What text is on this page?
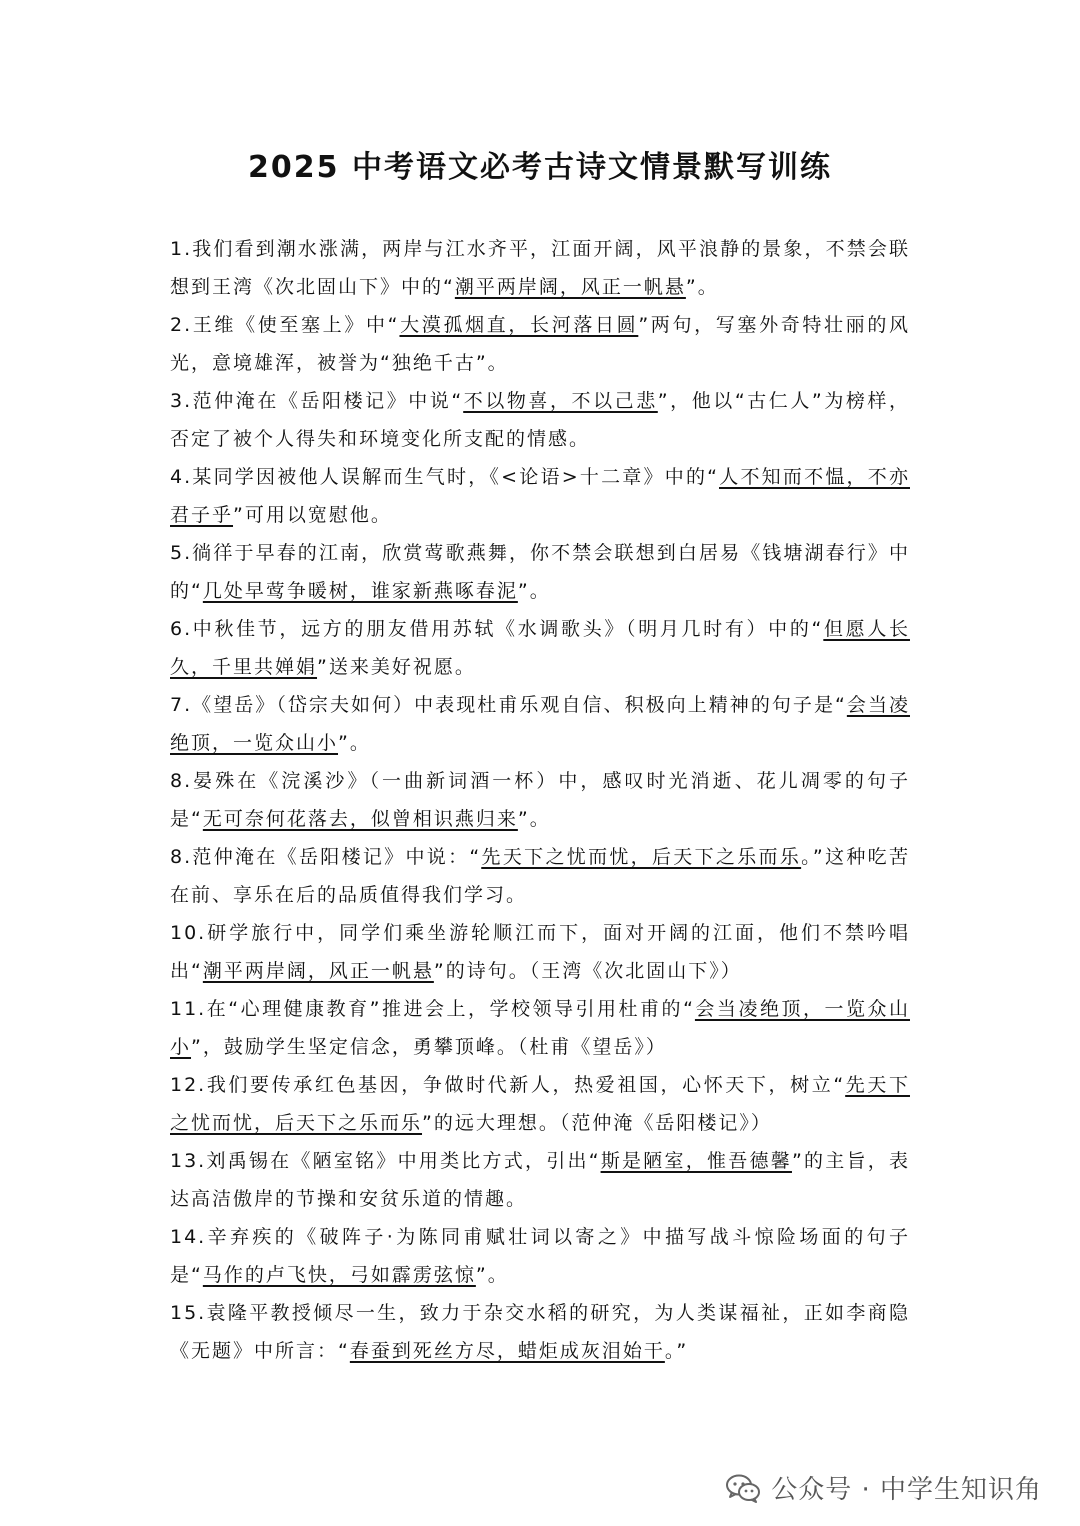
2025 中考语文必考古诗文情景默写训练

1.我们看到潮水涨满，两岸与江水齐平，江面开阔，风平浪静的景象，不禁会联想到王湾《次北固山下》中的“潮平两岸阔，风正一帆悬”。

2.王维《使至塞上》中“大漠孤烟直，长河落日圆”两句，写塞外奇特壮丽的风光，意境雄浑，被誉为“独绝千古”。

3.范仲淹在《岳阳楼记》中说“不以物喜，不以己悲”，他以“古仁人”为榜样，否定了被个人得失和环境变化所支配的情感。

4.某同学因被他人误解而生气时，《<论语>十二章》中的“人不知而不愠，不亦君子乎”可用以宽慰他。

5.徜徉于早春的江南，欣赏莺歌燕舞，你不禁会联想到白居易《钱塘湖春行》中的“几处早莺争暖树，谁家新燕啄春泥”。

6.中秋佳节，远方的朋友借用苏轼《水调歌头》（明月几时有）中的“但愿人长久，千里共婵娟”送来美好祝愿。

7.《望岳》（岱宗夫如何）中表现杜甫乐观自信、积极向上精神的句子是“会当凌绝顶，一览众山小”。

8.晏殊在《浣溪沙》（一曲新词酒一杯）中，感叹时光消逝、花儿凋零的句子是“无可奈何花落去，似曾相识燕归来”。

8.范仲淹在《岳阳楼记》中说：“先天下之忧而忧，后天下之乐而乐。”这种吃苦在前、享乐在后的品质值得我们学习。

10.研学旅行中，同学们乘坐游轮顺江而下，面对开阔的江面，他们不禁吟唱出“潮平两岸阔，风正一帆悬”的诗句。（王湾《次北固山下》）

11.在“心理健康教育”推进会上，学校领导引用杜甫的“会当凌绝顶，一览众山小”，鼓励学生坚定信念，勇攀顶峰。（杜甫《望岳》）

12.我们要传承红色基因，争做时代新人，热爱祖国，心怀天下，树立“先天下之忧而忧，后天下之乐而乐”的远大理想。（范仲淹《岳阳楼记》）

13.刘禹锡在《陋室铭》中用类比方式，引出“斯是陋室，惟吾德馨”的主旨，表达高洁傲岸的节操和安贫乐道的情趣。

14.辛弃疾的《破阵子·为陈同甫赋壮词以寄之》中描写战斗惊险场面的句子是“马作的卢飞快，弓如霹雳弦惊”。

15.袁隆平教授倾尽一生，致力于杂交水稻的研究，为人类谋福祉，正如李商隐《无题》中所言：“春蚕到死丝方尽，蜡炬成灰泪始干。”

公众号 · 中学生知识角
